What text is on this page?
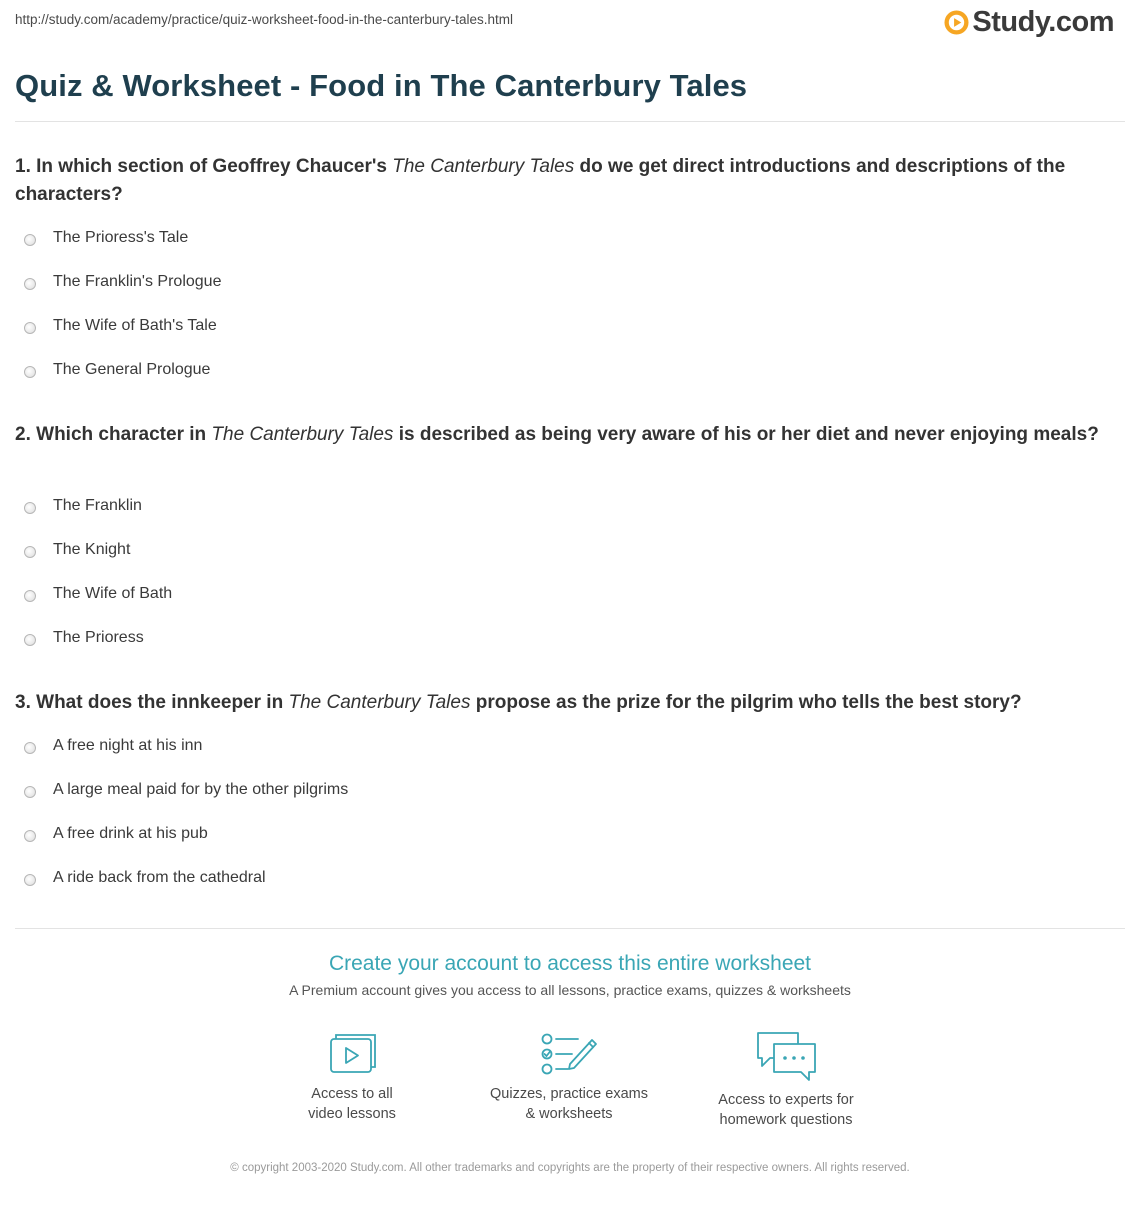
http://study.com/academy/practice/quiz-worksheet-food-in-the-canterbury-tales.html	Study.com
Quiz & Worksheet - Food in The Canterbury Tales

1. In which section of Geoffrey Chaucer's The Canterbury Tales do we get direct introductions and descriptions of the characters?

The Prioress's Tale
The Franklin's Prologue
The Wife of Bath's Tale
The General Prologue

2. Which character in The Canterbury Tales is described as being very aware of his or her diet and never enjoying meals?

The Franklin
The Knight
The Wife of Bath
The Prioress

3. What does the innkeeper in The Canterbury Tales propose as the prize for the pilgrim who tells the best story?

A free night at his inn
A large meal paid for by the other pilgrims
A free drink at his pub
A ride back from the cathedral

Create your account to access this entire worksheet

A Premium account gives you access to all lessons, practice exams, quizzes & worksheets
Access to all
video lessons
Quizzes, practice exams
& worksheets
Access to experts for
homework questions
© copyright 2003-2020 Study.com. All other trademarks and copyrights are the property of their respective owners. All rights reserved.
